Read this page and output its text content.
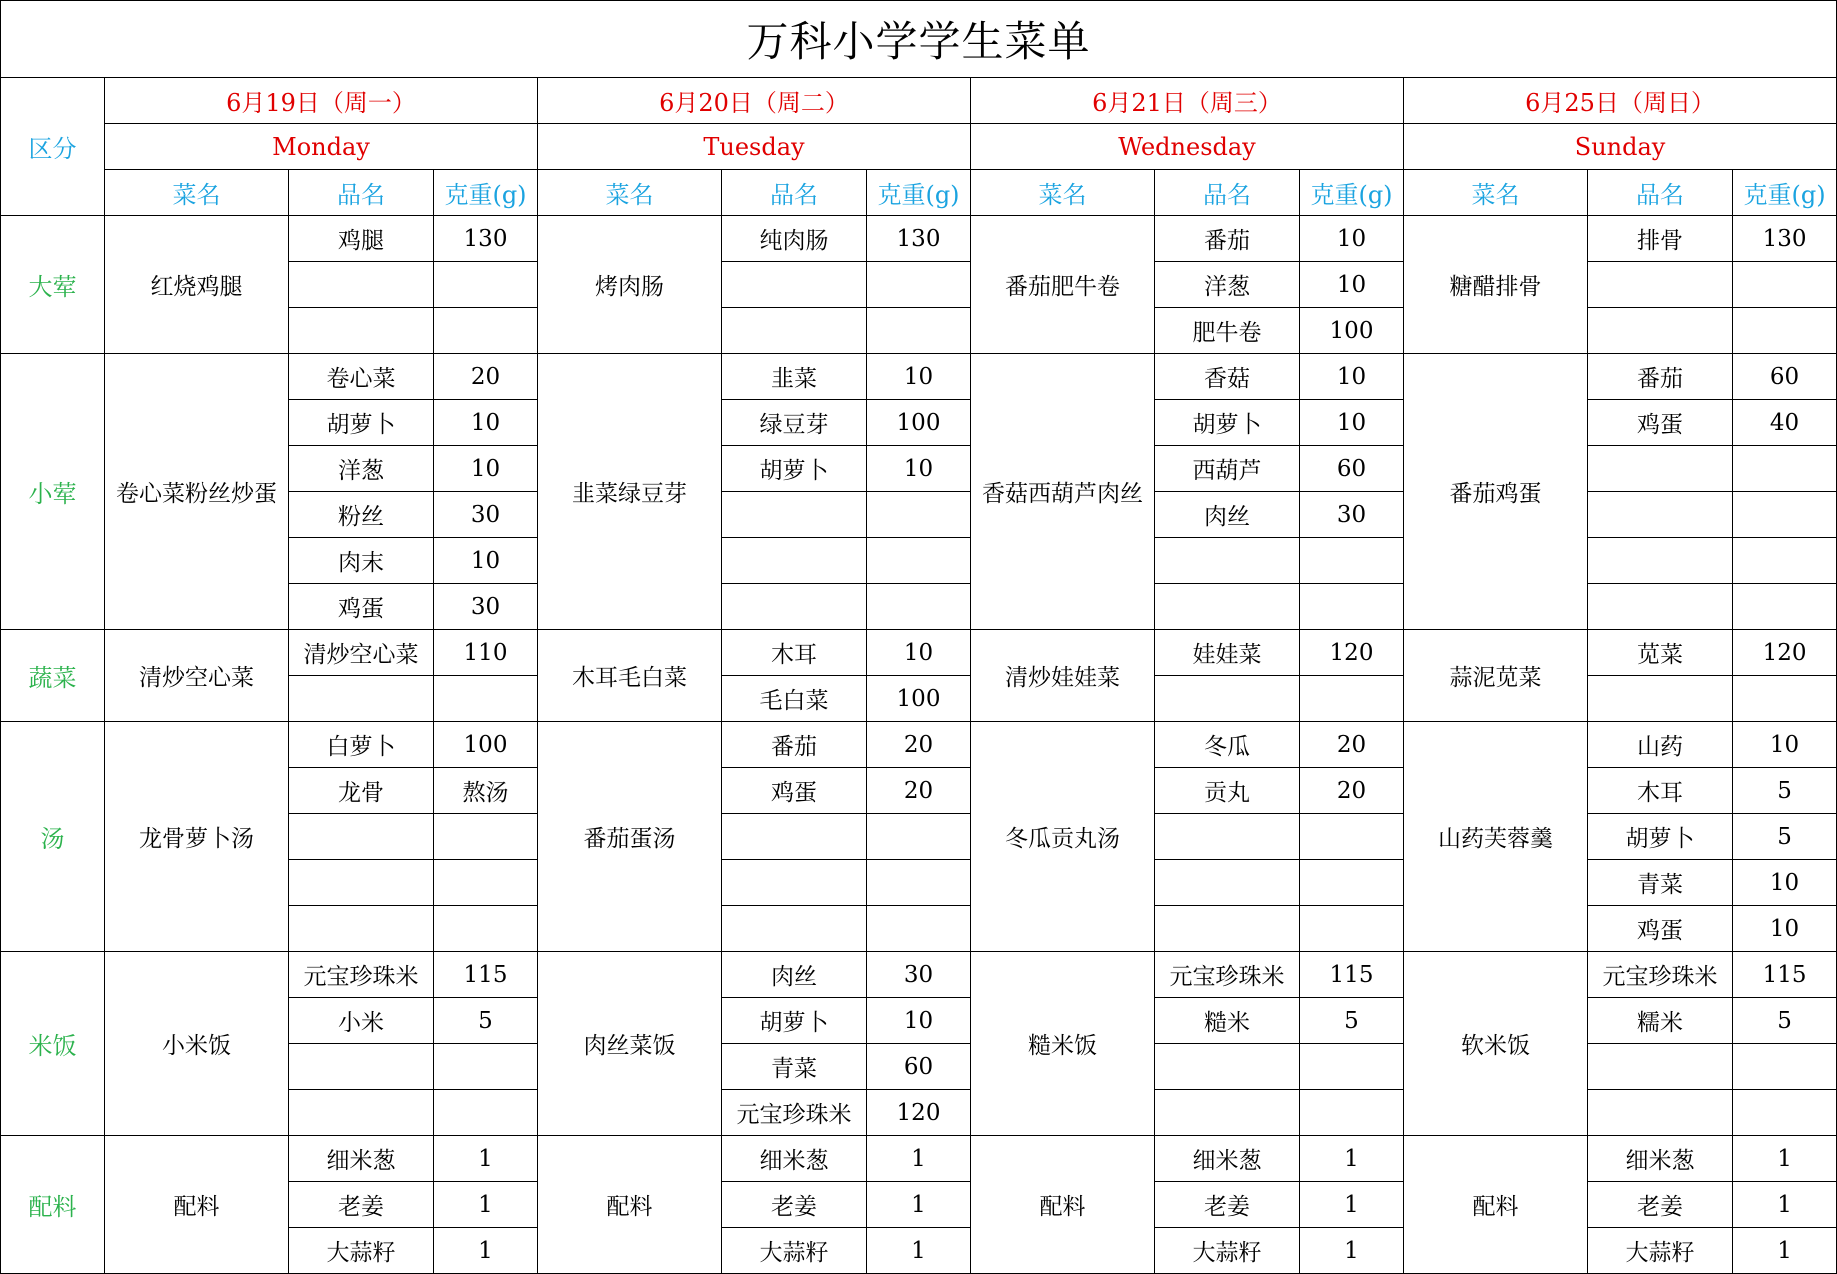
万科小学学生菜单												
区分	6月19日（周一）			6月20日（周二）			6月21日（周三）			6月25日（周日）		
	Monday			Tuesday			Wednesday			Sunday		
	菜名	品名	克重(g)	菜名	品名	克重(g)	菜名	品名	克重(g)	菜名	品名	克重(g)
大荤	红烧鸡腿	鸡腿	130	烤肉肠	纯肉肠	130	番茄肥牛卷	番茄	10	糖醋排骨	排骨	130
								洋葱	10			
								肥牛卷	100			
小荤	卷心菜粉丝炒蛋	卷心菜	20	韭菜绿豆芽	韭菜	10	香菇西葫芦肉丝	香菇	10	番茄鸡蛋	番茄	60
		胡萝卜	10		绿豆芽	100		胡萝卜	10		鸡蛋	40
		洋葱	10		胡萝卜	10		西葫芦	60			
		粉丝	30					肉丝	30			
		肉末	10									
		鸡蛋	30									
蔬菜	清炒空心菜	清炒空心菜	110	木耳毛白菜	木耳	10	清炒娃娃菜	娃娃菜	120	蒜泥苋菜	苋菜	120
					毛白菜	100						
汤	龙骨萝卜汤	白萝卜	100	番茄蛋汤	番茄	20	冬瓜贡丸汤	冬瓜	20	山药芙蓉羹	山药	10
		龙骨	熬汤		鸡蛋	20		贡丸	20		木耳	5
											胡萝卜	5
											青菜	10
											鸡蛋	10
米饭	小米饭	元宝珍珠米	115	肉丝菜饭	肉丝	30	糙米饭	元宝珍珠米	115	软米饭	元宝珍珠米	115
		小米	5		胡萝卜	10		糙米	5		糯米	5
					青菜	60						
					元宝珍珠米	120						
配料	配料	细米葱	1	配料	细米葱	1	配料	细米葱	1	配料	细米葱	1
		老姜	1		老姜	1		老姜	1		老姜	1
		大蒜籽	1		大蒜籽	1		大蒜籽	1		大蒜籽	1
